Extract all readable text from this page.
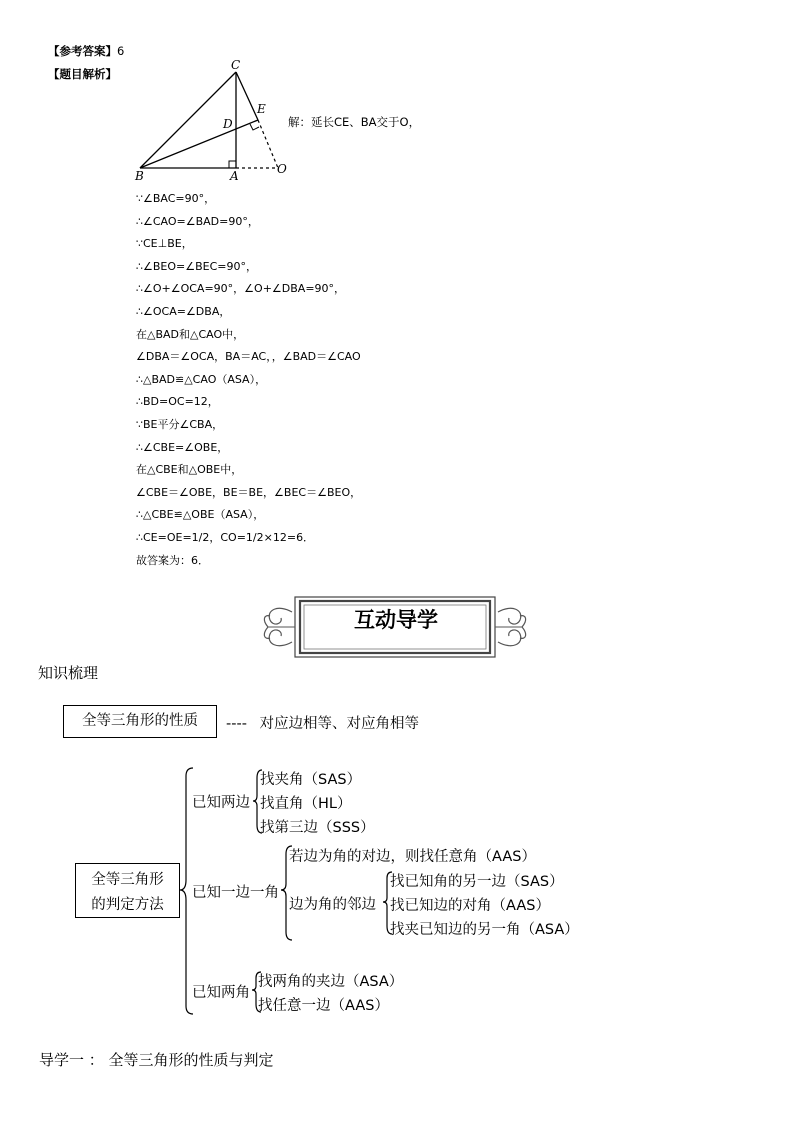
【参考答案】6
【题目解析】
C
E
D
B	A	O
解：延长CE、BA交于O，
∵∠BAC=90°，
∴∠CAO=∠BAD=90°，
∵CE⊥BE，
∴∠BEO=∠BEC=90°，
∴∠O+∠OCA=90°，∠O+∠DBA=90°，
∴∠OCA=∠DBA，
在△BAD和△CAO中，
∠DBA＝∠OCA，BA＝AC，，∠BAD＝∠CAO
∴△BAD≌△CAO（ASA），
∴BD=OC=12，
∵BE平分∠CBA，
∴∠CBE=∠OBE，
在△CBE和△OBE中，
∠CBE＝∠OBE，BE＝BE，∠BEC＝∠BEO，
∴△CBE≌△OBE（ASA），
∴CE=OE=1/2，CO=1/2×12=6．
故答案为：6．
互动导学
知识梳理
全等三角形的性质	---- 对应边相等、对应角相等
全等三角形
的判定方法
已知两边
找夹角（SAS）
找直角（HL）
找第三边（SSS）
已知一边一角
若边为角的对边，则找任意角（AAS）
边为角的邻边
找已知角的另一边（SAS）
找已知边的对角（AAS）
找夹已知边的另一角（ASA）
已知两角
找两角的夹边（ASA）
找任意一边（AAS）
导学一 ： 全等三角形的性质与判定
